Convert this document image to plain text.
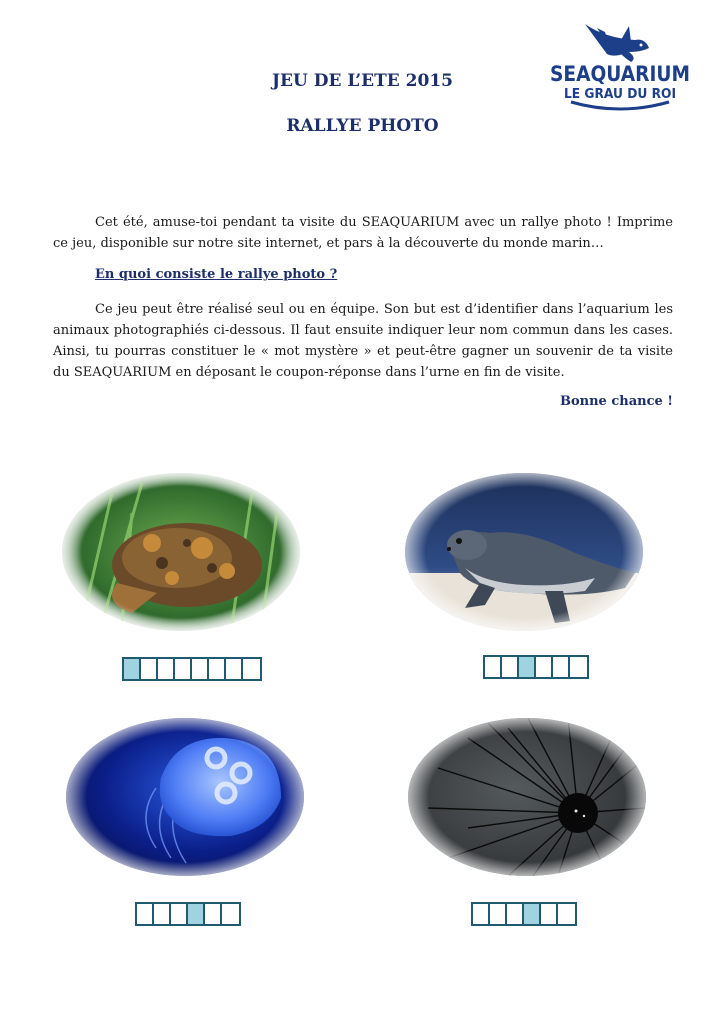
SEAQUARIUM
LE GRAU DU ROI
JEU DE L’ETE 2015
RALLYE PHOTO

Cet été, amuse-toi pendant ta visite du SEAQUARIUM avec un rallye photo ! Imprime ce jeu, disponible sur notre site internet, et pars à la découverte du monde marin…

En quoi consiste le rallye photo ?

Ce jeu peut être réalisé seul ou en équipe. Son but est d’identifier dans l’aquarium les animaux photographiés ci-dessous. Il faut ensuite indiquer leur nom commun dans les cases. Ainsi, tu pourras constituer le « mot mystère » et peut-être gagner un souvenir de ta visite du SEAQUARIUM en déposant le coupon-réponse dans l’urne en fin de visite.

Bonne chance !
